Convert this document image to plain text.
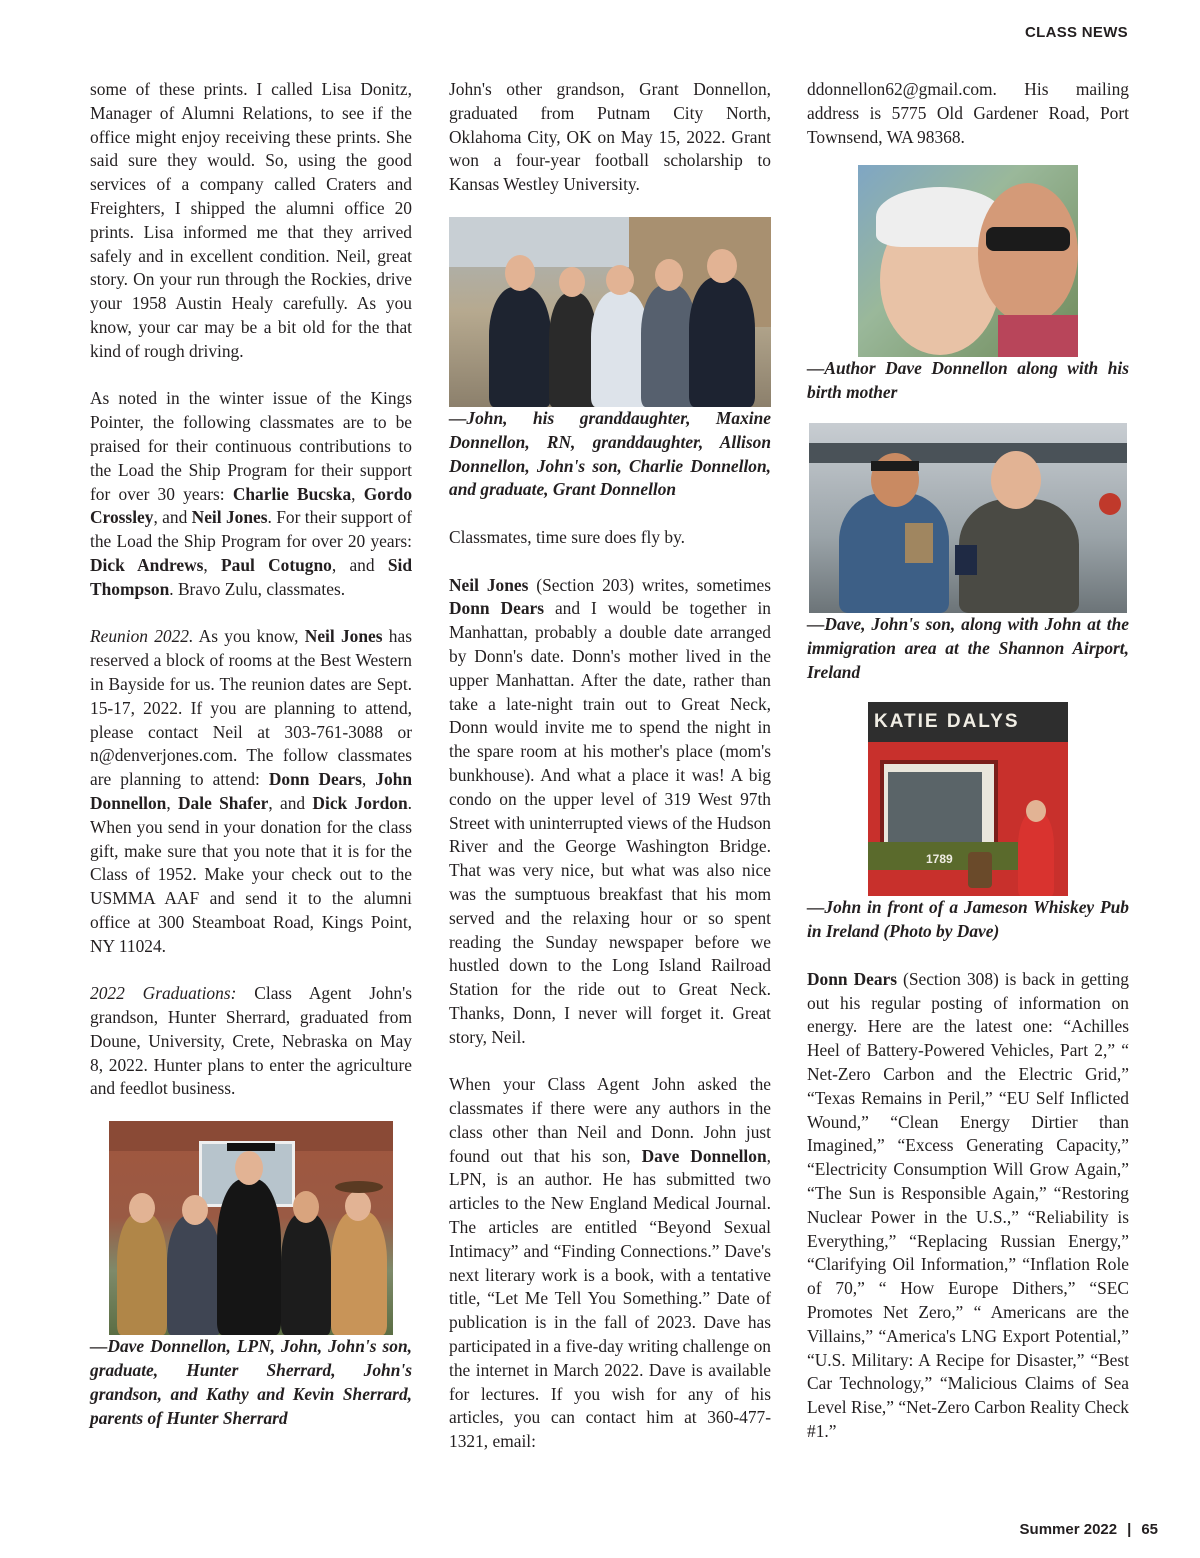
CLASS NEWS

some of these prints. I called Lisa Donitz, Manager of Alumni Relations, to see if the office might enjoy receiving these prints. She said sure they would. So, using the good services of a company called Craters and Freighters, I shipped the alumni office 20 prints. Lisa informed me that they arrived safely and in excellent condition. Neil, great story. On your run through the Rockies, drive your 1958 Austin Healy carefully. As you know, your car may be a bit old for the that kind of rough driving.

As noted in the winter issue of the Kings Pointer, the following classmates are to be praised for their continuous contributions to the Load the Ship Program for their support for over 30 years: Charlie Bucska, Gordo Crossley, and Neil Jones. For their support of the Load the Ship Program for over 20 years: Dick Andrews, Paul Cotugno, and Sid Thompson. Bravo Zulu, classmates.

Reunion 2022. As you know, Neil Jones has reserved a block of rooms at the Best Western in Bayside for us. The reunion dates are Sept. 15-17, 2022. If you are planning to attend, please contact Neil at 303-761-3088 or n@denverjones.com. The follow classmates are planning to attend: Donn Dears, John Donnellon, Dale Shafer, and Dick Jordon. When you send in your donation for the class gift, make sure that you note that it is for the Class of 1952. Make your check out to the USMMA AAF and send it to the alumni office at 300 Steamboat Road, Kings Point, NY 11024.

2022 Graduations: Class Agent John's grandson, Hunter Sherrard, graduated from Doune, University, Crete, Nebraska on May 8, 2022. Hunter plans to enter the agriculture and feedlot business.

—Dave Donnellon, LPN, John, John's son, graduate, Hunter Sherrard, John's grandson, and Kathy and Kevin Sherrard, parents of Hunter Sherrard

John's other grandson, Grant Donnellon, graduated from Putnam City North, Oklahoma City, OK on May 15, 2022. Grant won a four-year football scholarship to Kansas Westley University.

—John, his granddaughter, Maxine Donnellon, RN, granddaughter, Allison Donnellon, John's son, Charlie Donnellon, and graduate, Grant Donnellon

Classmates, time sure does fly by.

Neil Jones (Section 203) writes, sometimes Donn Dears and I would be together in Manhattan, probably a double date arranged by Donn's date. Donn's mother lived in the upper Manhattan. After the date, rather than take a late-night train out to Great Neck, Donn would invite me to spend the night in the spare room at his mother's place (mom's bunkhouse). And what a place it was! A big condo on the upper level of 319 West 97th Street with uninterrupted views of the Hudson River and the George Washington Bridge. That was very nice, but what was also nice was the sumptuous breakfast that his mom served and the relaxing hour or so spent reading the Sunday newspaper before we hustled down to the Long Island Railroad Station for the ride out to Great Neck. Thanks, Donn, I never will forget it. Great story, Neil.

When your Class Agent John asked the classmates if there were any authors in the class other than Neil and Donn. John just found out that his son, Dave Donnellon, LPN, is an author. He has submitted two articles to the New England Medical Journal. The articles are entitled “Beyond Sexual Intimacy” and “Finding Connections.” Dave's next literary work is a book, with a tentative title, “Let Me Tell You Something.” Date of publication is in the fall of 2023. Dave has participated in a five-day writing challenge on the internet in March 2022. Dave is available for lectures. If you wish for any of his articles, you can contact him at 360-477-1321, email:

ddonnellon62@gmail.com. His mailing address is 5775 Old Gardener Road, Port Townsend, WA 98368.

—Author Dave Donnellon along with his birth mother

—Dave, John's son, along with John at the immigration area at the Shannon Airport, Ireland

KATIE DALYS
1789

—John in front of a Jameson Whiskey Pub in Ireland (Photo by Dave)

Donn Dears (Section 308) is back in getting out his regular posting of information on energy. Here are the latest one: “Achilles Heel of Battery-Powered Vehicles, Part 2,” “ Net-Zero Carbon and the Electric Grid,” “Texas Remains in Peril,” “EU Self Inflicted Wound,” “Clean Energy Dirtier than Imagined,” “Excess Generating Capacity,” “Electricity Consumption Will Grow Again,” “The Sun is Responsible Again,” “Restoring Nuclear Power in the U.S.,” “Reliability is Everything,” “Replacing Russian Energy,” “Clarifying Oil Information,” “Inflation Role of 70,” “ How Europe Dithers,” “SEC Promotes Net Zero,” “ Americans are the Villains,” “America's LNG Export Potential,” “U.S. Military: A Recipe for Disaster,” “Best Car Technology,” “Malicious Claims of Sea Level Rise,” “Net-Zero Carbon Reality Check #1.”

Summer 2022 | 65
